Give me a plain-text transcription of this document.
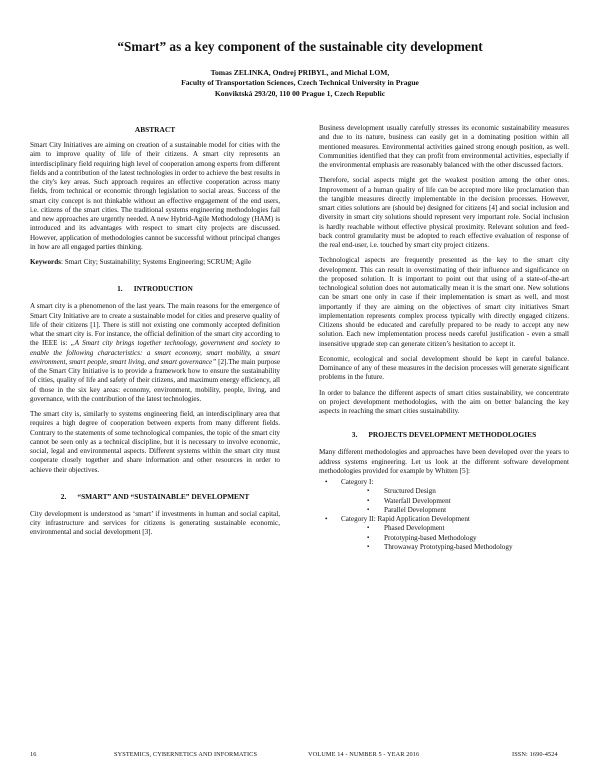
“Smart” as a key component of the sustainable city development
Tomas ZELINKA, Ondrej PRIBYL, and Michal LOM,
Faculty of Transportation Sciences, Czech Technical University in Prague
Konviktská 293/20, 110 00 Prague 1, Czech Republic
ABSTRACT

Smart City Initiatives are aiming on creation of a sustainable model for cities with the aim to improve quality of life of their citizens. A smart city represents an interdisciplinary field requiring high level of cooperation among experts from different fields and a contribution of the latest technologies in order to achieve the best results in the city's key areas. Such approach requires an effective cooperation across many fields, from technical or economic through legislation to social areas. Success of the smart city concept is not thinkable without an effective engagement of the end users, i.e. citizens of the smart cities. The traditional systems engineering methodologies fail and new approaches are urgently needed. A new Hybrid-Agile Methodology (HAM) is introduced and its advantages with respect to smart city projects are discussed. However, application of methodologies cannot be successful without principal changes in how are all engaged parties thinking.

Keywords: Smart City; Sustainability; Systems Engineering; SCRUM; Agile

1.      INTRODUCTION

A smart city is a phenomenon of the last years. The main reasons for the emergence of Smart City Initiative are to create a sustainable model for cities and preserve quality of life of their citizens [1]. There is still not existing one commonly accepted definition what the smart city is. For instance, the official definition of the smart city according to the IEEE is: „A Smart city brings together technology, government and society to enable the following characteristics: a smart economy, smart mobility, a smart environment, smart people, smart living, and smart governance” [2].The main purpose of the Smart City Initiative is to provide a framework how to ensure the sustainability of cities, quality of life and safety of their citizens, and maximum energy efficiency, all of those in the six key areas: economy, environment, mobility, people, living, and governance, with the contribution of the latest technologies.

The smart city is, similarly to systems engineering field, an interdisciplinary area that requires a high degree of cooperation between experts from many different fields. Contrary to the statements of some technological companies, the topic of the smart city cannot be seen only as a technical discipline, but it is necessary to involve economic, social, legal and environmental aspects. Different systems within the smart city must cooperate closely together and share information and other resources in order to achieve their objectives.

2.      “SMART” AND “SUSTAINABLE” DEVELOPMENT

City development is understood as ‘smart’ if investments in human and social capital, city infrastructure and services for citizens is generating sustainable economic, environmental and social development [3].

Business development usually carefully stresses its economic sustainability measures and due to its nature, business can easily get in a dominating position within all mentioned measures. Environmental activities gained strong enough position, as well. Communities identified that they can profit from environmental activities, especially if the environmental emphasis are reasonably balanced with the other discussed factors.

Therefore, social aspects might get the weakest position among the other ones. Improvement of a human quality of life can be accepted more like proclamation than the tangible measures directly implementable in the decision processes. However, smart cities solutions are (should be) designed for citizens [4] and social inclusion and diversity in smart city solutions should represent very important role. Social inclusion is hardly reachable without effective physical proximity. Relevant solution and feed-back control granularity must be adopted to reach effective evaluation of response of the real end-user, i.e. touched by smart city project citizens.

Technological aspects are frequently presented as the key to the smart city development. This can result in overestimating of their influence and significance on the proposed solution. It is important to point out that using of a state-of-the-art technological solution does not automatically mean it is the smart one. New solutions can be smart one only in case if their implementation is smart as well, and most importantly if they are aiming on the objectives of smart city initiatives Smart implementation represents complex process typically with directly engaged citizens. Citizens should be educated and carefully prepared to be ready to accept any new solution. Each new implementation process needs careful justification - even a small insensitive upgrade step can generate citizen’s hesitation to accept it.

Economic, ecological and social development should be kept in careful balance. Dominance of any of these measures in the decision processes will generate significant problems in the future.

In order to balance the different aspects of smart cities sustainability, we concentrate on project development methodologies, with the aim on better balancing the key aspects in reaching the smart cities sustainability.

3.      PROJECTS DEVELOPMENT METHODOLOGIES

Many different methodologies and approaches have been developed over the years to address systems engineering. Let us look at the different software development methodologies provided for example by Whitten [5]:

• Category I:
▪ Structured Design
▪ Waterfall Development
▪ Parallel Development
• Category II: Rapid Application Development
▪ Phased Development
▪ Prototyping-based Methodology
▪ Throwaway Prototyping-based Methodology
16	SYSTEMICS, CYBERNETICS AND INFORMATICS	VOLUME 14 - NUMBER 5 - YEAR 2016	ISSN: 1690-4524
